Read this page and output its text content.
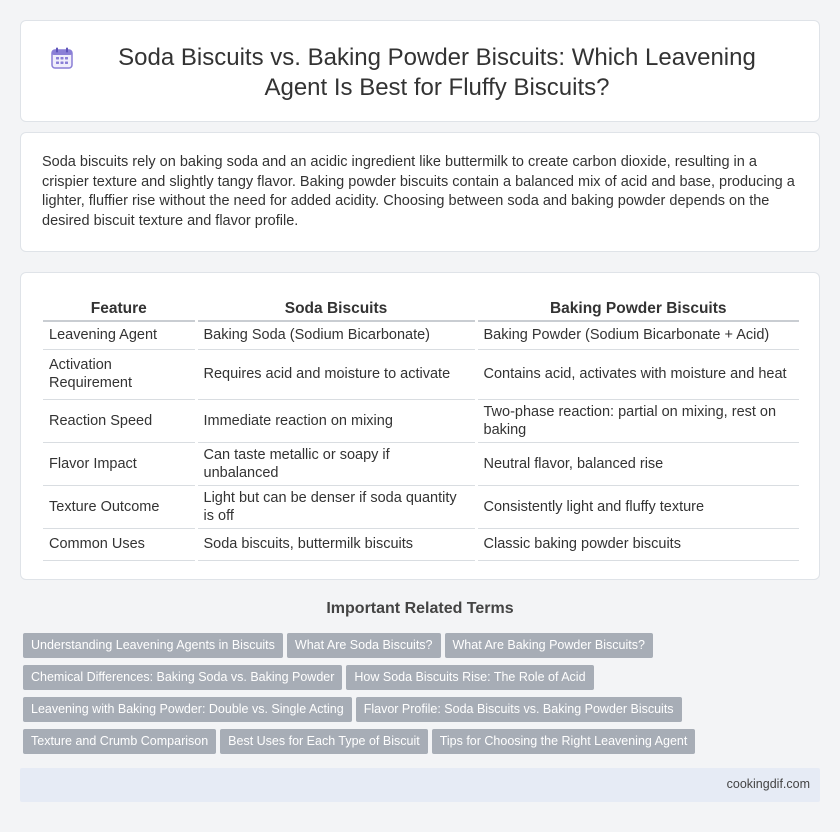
Soda Biscuits vs. Baking Powder Biscuits: Which Leavening Agent Is Best for Fluffy Biscuits?

Soda biscuits rely on baking soda and an acidic ingredient like buttermilk to create carbon dioxide, resulting in a crispier texture and slightly tangy flavor. Baking powder biscuits contain a balanced mix of acid and base, producing a lighter, fluffier rise without the need for added acidity. Choosing between soda and baking powder depends on the desired biscuit texture and flavor profile.

Feature	Soda Biscuits	Baking Powder Biscuits
Leavening Agent	Baking Soda (Sodium Bicarbonate)	Baking Powder (Sodium Bicarbonate + Acid)
Activation Requirement	Requires acid and moisture to activate	Contains acid, activates with moisture and heat
Reaction Speed	Immediate reaction on mixing	Two-phase reaction: partial on mixing, rest on baking
Flavor Impact	Can taste metallic or soapy if unbalanced	Neutral flavor, balanced rise
Texture Outcome	Light but can be denser if soda quantity is off	Consistently light and fluffy texture
Common Uses	Soda biscuits, buttermilk biscuits	Classic baking powder biscuits
Important Related Terms
Understanding Leavening Agents in Biscuits What Are Soda Biscuits? What Are Baking Powder Biscuits?
Chemical Differences: Baking Soda vs. Baking Powder How Soda Biscuits Rise: The Role of Acid
Leavening with Baking Powder: Double vs. Single Acting Flavor Profile: Soda Biscuits vs. Baking Powder Biscuits
Texture and Crumb Comparison Best Uses for Each Type of Biscuit Tips for Choosing the Right Leavening Agent
cookingdif.com
